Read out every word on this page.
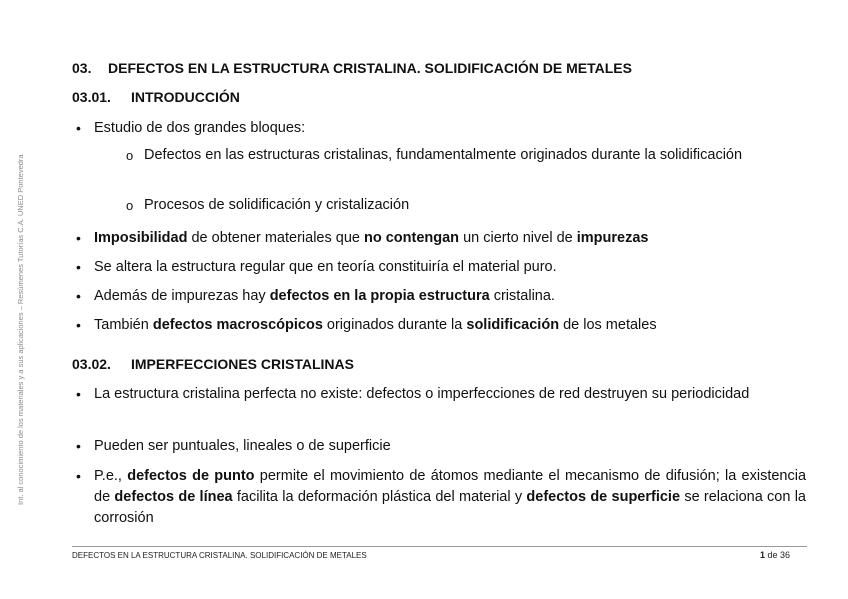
Int. al conocimiento de los materiales y a sus aplicaciones – Resúmenes Tutorías C.A. UNED Pontevedra
03. DEFECTOS EN LA ESTRUCTURA CRISTALINA. SOLIDIFICACIÓN DE METALES
03.01. INTRODUCCIÓN
• Estudio de dos grandes bloques:
o Defectos en las estructuras cristalinas, fundamentalmente originados durante la solidificación
o Procesos de solidificación y cristalización
• Imposibilidad de obtener materiales que no contengan un cierto nivel de impurezas
• Se altera la estructura regular que en teoría constituiría el material puro.
• Además de impurezas hay defectos en la propia estructura cristalina.
• También defectos macroscópicos originados durante la solidificación de los metales
03.02. IMPERFECCIONES CRISTALINAS
• La estructura cristalina perfecta no existe: defectos o imperfecciones de red destruyen su periodicidad
• Pueden ser puntuales, lineales o de superficie
• P.e., defectos de punto permite el movimiento de átomos mediante el mecanismo de difusión; la existencia de defectos de línea facilita la deformación plástica del material y defectos de superficie se relaciona con la corrosión
DEFECTOS EN LA ESTRUCTURA CRISTALINA. SOLIDIFICACIÓN DE METALES	1 de 36
